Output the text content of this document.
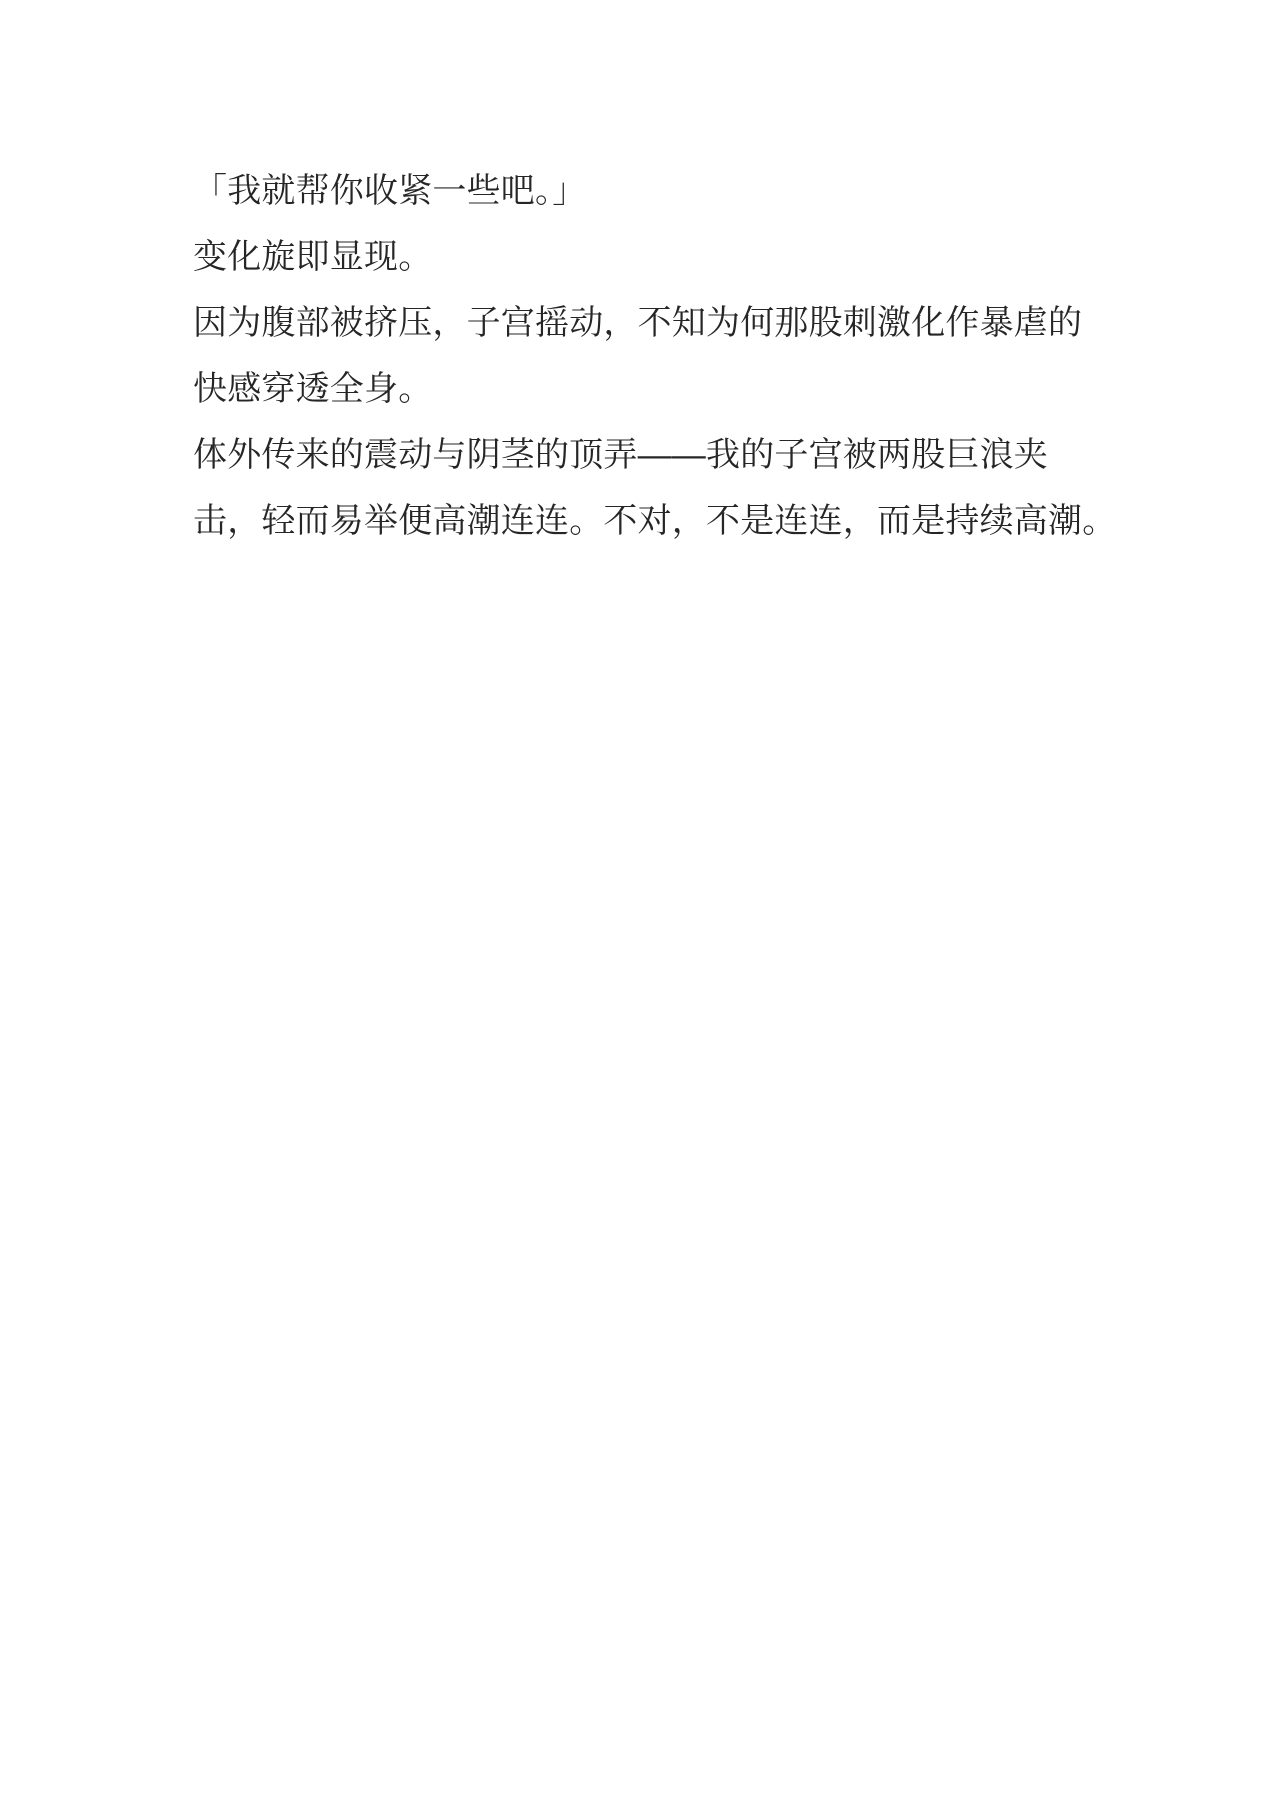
「我就帮你收紧一些吧。」
变化旋即显现。
因为腹部被挤压，子宫摇动，不知为何那股刺激化作暴虐的
快感穿透全身。
体外传来的震动与阴茎的顶弄——我的子宫被两股巨浪夹
击，轻而易举便高潮连连。不对，不是连连，而是持续高潮。
